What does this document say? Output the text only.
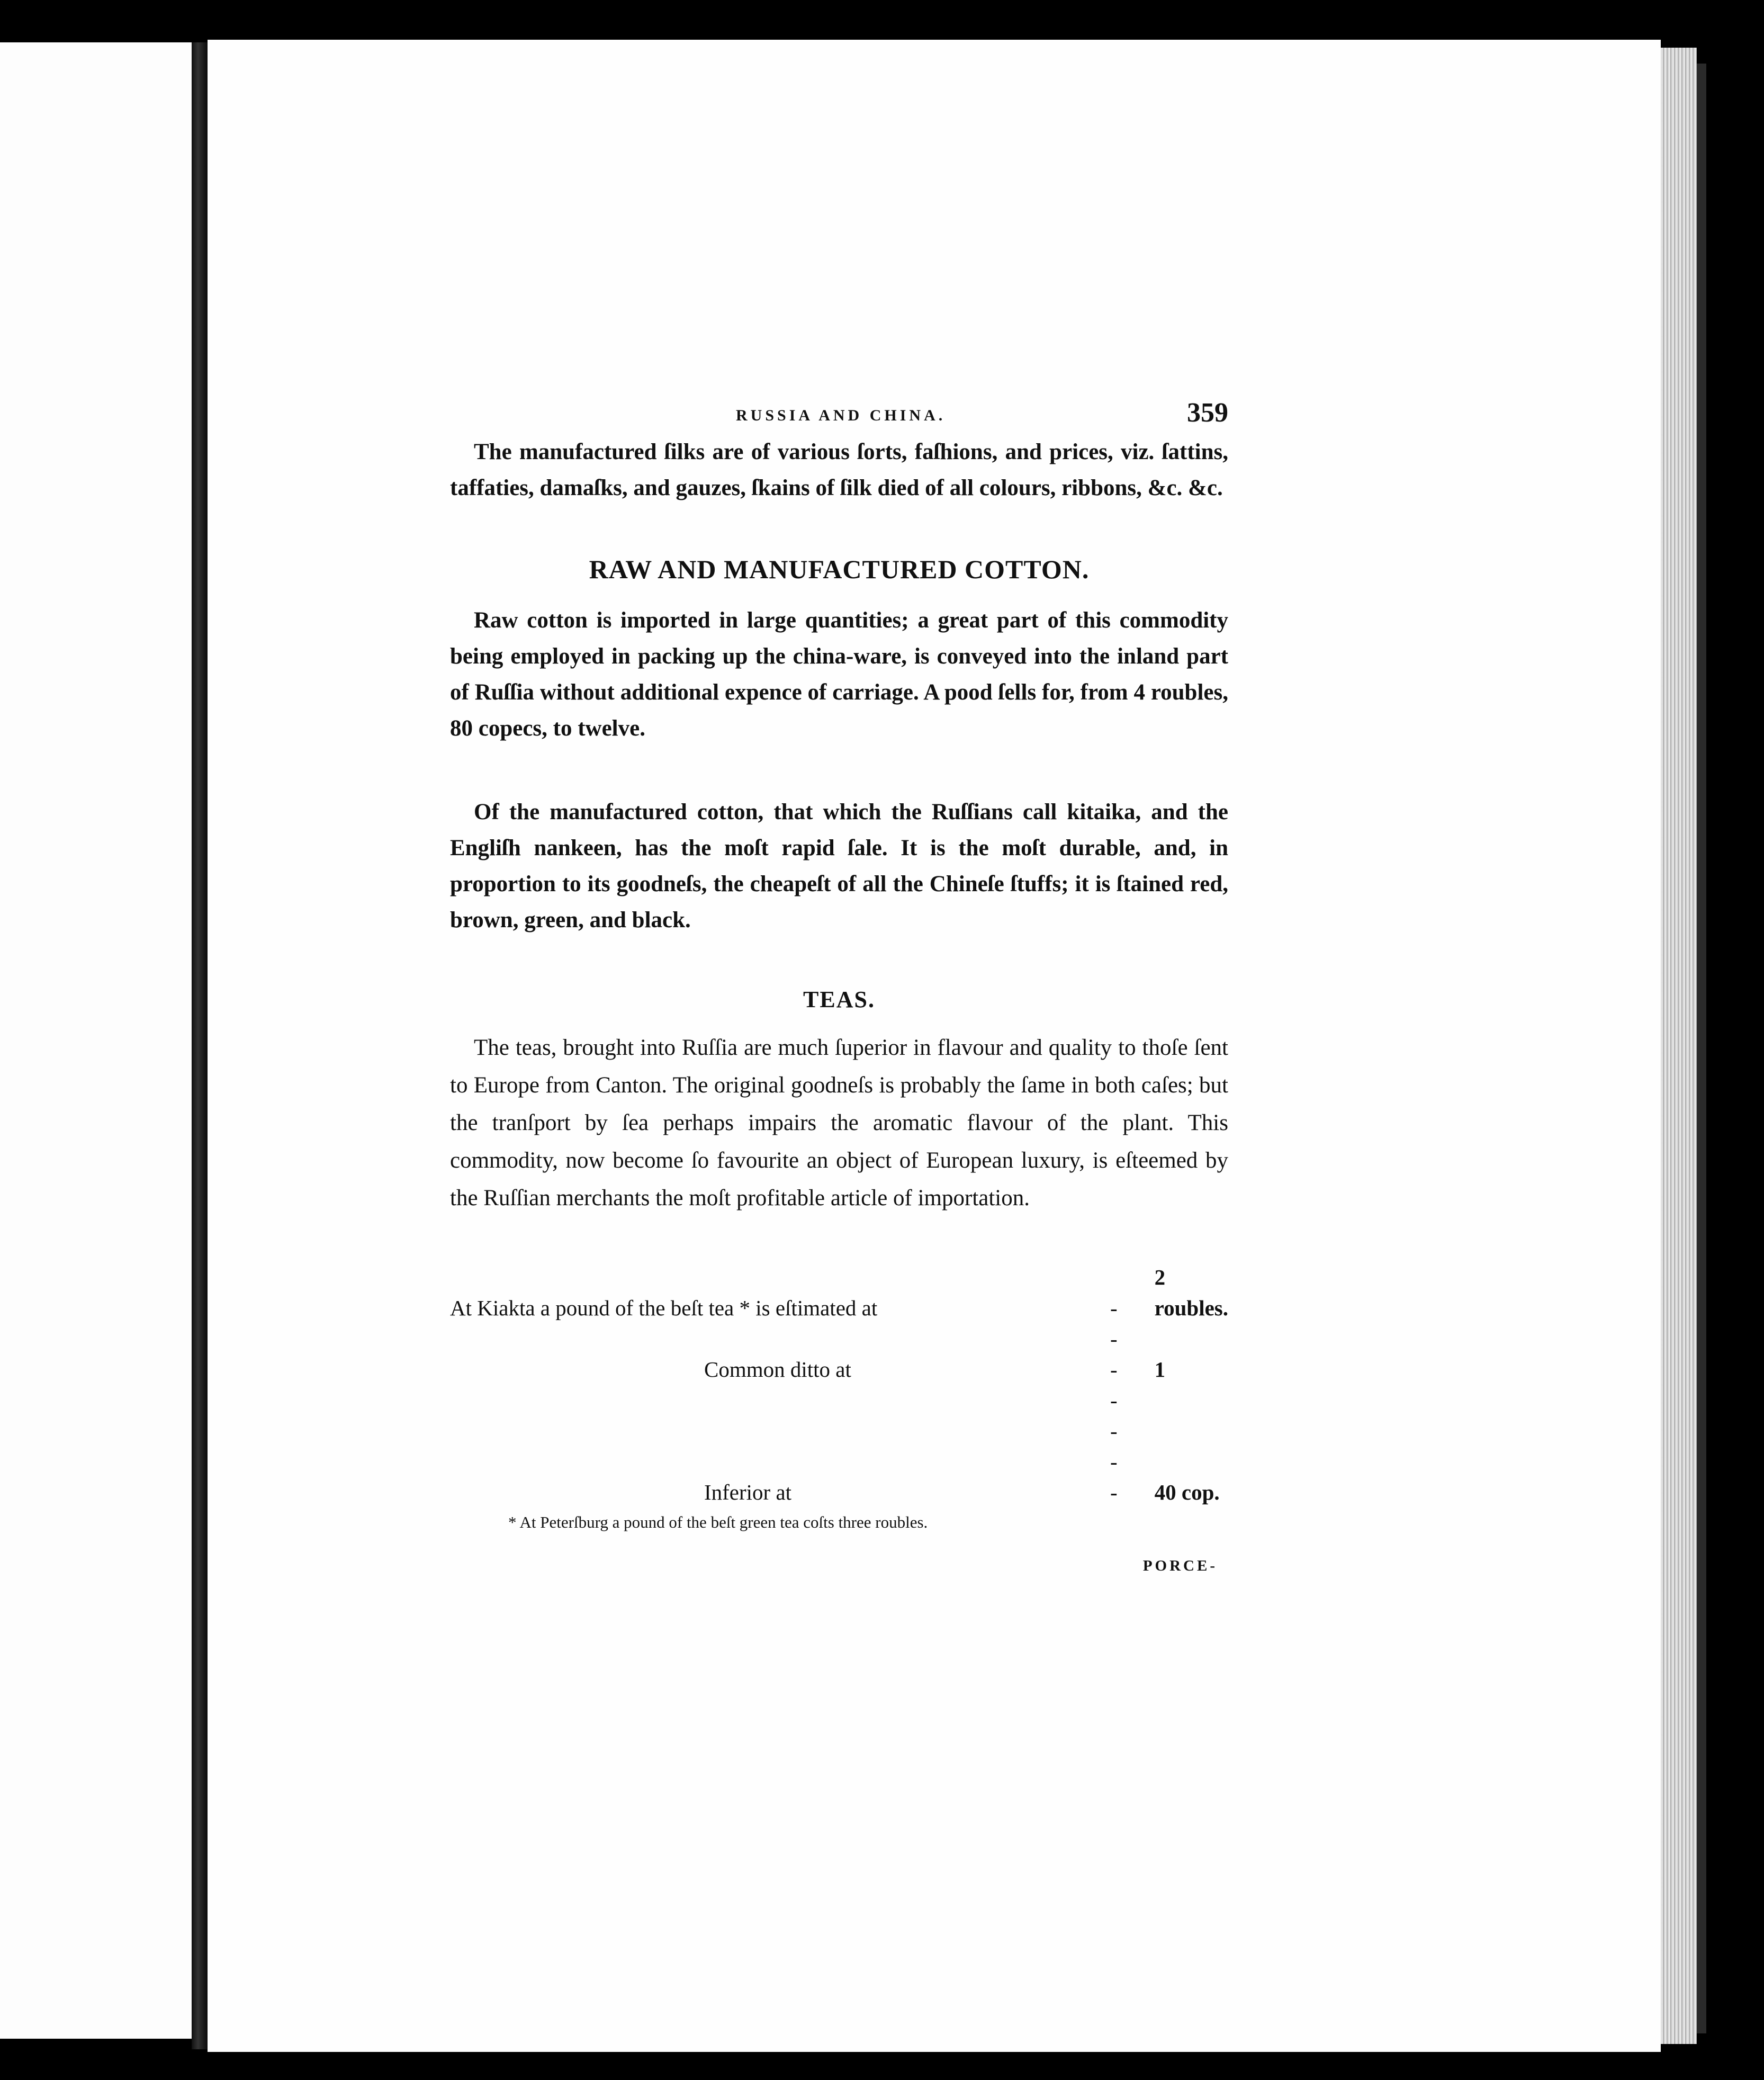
RUSSIA AND CHINA.	359

The manufactured ſilks are of various ſorts, faſhions, and prices, viz. ſattins, taffaties, damaſks, and gauzes, ſkains of ſilk died of all colours, ribbons, &c. &c.

RAW AND MANUFACTURED COTTON.

Raw cotton is imported in large quantities; a great part of this commodity being employed in packing up the china-ware, is conveyed into the inland part of Ruſſia without additional expence of carriage. A pood ſells for, from 4 roubles, 80 copecs, to twelve.

Of the manufactured cotton, that which the Ruſſians call kitaika, and the Engliſh nankeen, has the moſt rapid ſale. It is the moſt durable, and, in proportion to its goodneſs, the cheapeſt of all the Chineſe ſtuffs; it is ſtained red, brown, green, and black.

TEAS.

The teas, brought into Ruſſia are much ſuperior in flavour and quality to thoſe ſent to Europe from Canton. The original goodneſs is probably the ſame in both caſes; but the tranſport by ſea perhaps impairs the aromatic flavour of the plant. This commodity, now become ſo favourite an object of European luxury, is eſteemed by the Ruſſian merchants the moſt profitable article of importation.

At Kiakta a pound of the beſt tea * is eſtimated at	-	2 roubles.
Common ditto at	- -	1
Inferior at	- - - -	40 cop.

* At Peterſburg a pound of the beſt green tea coſts three roubles.

PORCE-
